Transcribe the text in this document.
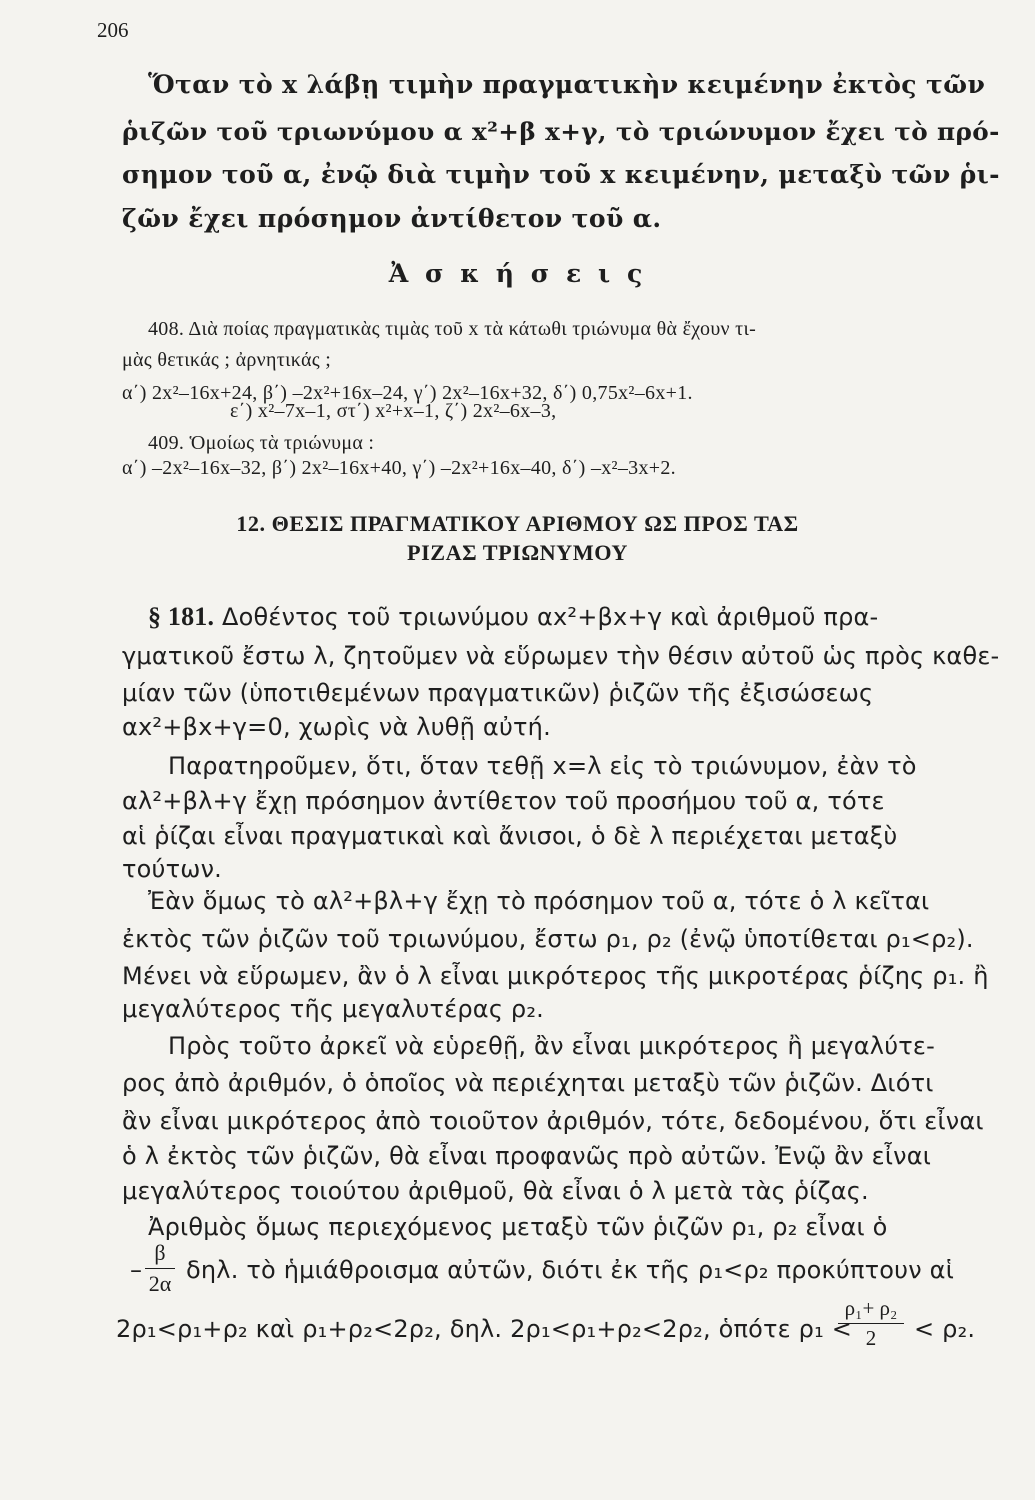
206
Ὅταν τὸ x λάβῃ τιμὴν πραγματικὴν κειμένην ἐκτὸς τῶν
ῥιζῶν τοῦ τριωνύμου α x²+β x+γ, τὸ τριώνυμον ἔχει τὸ πρό-
σημον τοῦ α, ἐνῷ διὰ τιμὴν τοῦ x κειμένην, μεταξὺ τῶν ῥι-
ζῶν ἔχει πρόσημον ἀντίθετον τοῦ α.
Ἀ σ κ ή σ ε ι ς
408. Διὰ ποίας πραγματικὰς τιμὰς τοῦ x τὰ κάτωθι τριώνυμα θὰ ἔχουν τι-
μὰς θετικάς ; ἀρνητικάς ;
α΄) 2x²–16x+24, β΄) –2x²+16x–24, γ΄) 2x²–16x+32, δ΄) 0,75x²–6x+1.
ε΄) x²–7x–1, στ΄) x²+x–1, ζ΄) 2x²–6x–3,
409. Ὁμοίως τὰ τριώνυμα :
α΄) –2x²–16x–32, β΄) 2x²–16x+40, γ΄) –2x²+16x–40, δ΄) –x²–3x+2.
12. ΘΕΣΙΣ ΠΡΑΓΜΑΤΙΚΟΥ ΑΡΙΘΜΟΥ ΩΣ ΠΡΟΣ ΤΑΣ
ΡΙΖΑΣ ΤΡΙΩΝΥΜΟΥ
§ 181. Δοθέντος τοῦ τριωνύμου αx²+βx+γ καὶ ἀριθμοῦ πρα-
γματικοῦ ἔστω λ, ζητοῦμεν νὰ εὕρωμεν τὴν θέσιν αὐτοῦ ὡς πρὸς καθε-
μίαν τῶν (ὑποτιθεμένων πραγματικῶν) ῥιζῶν τῆς ἐξισώσεως
αx²+βx+γ=0, χωρὶς νὰ λυθῇ αὐτή.
Παρατηροῦμεν, ὅτι, ὅταν τεθῇ x=λ εἰς τὸ τριώνυμον, ἐὰν τὸ
αλ²+βλ+γ ἔχῃ πρόσημον ἀντίθετον τοῦ προσήμου τοῦ α, τότε
αἱ ῥίζαι εἶναι πραγματικαὶ καὶ ἄνισοι, ὁ δὲ λ περιέχεται μεταξὺ
τούτων.
Ἐὰν ὅμως τὸ αλ²+βλ+γ ἔχῃ τὸ πρόσημον τοῦ α, τότε ὁ λ κεῖται
ἐκτὸς τῶν ῥιζῶν τοῦ τριωνύμου, ἔστω ρ₁, ρ₂ (ἐνῷ ὑποτίθεται ρ₁<ρ₂).
Μένει νὰ εὕρωμεν, ἂν ὁ λ εἶναι μικρότερος τῆς μικροτέρας ῥίζης ρ₁. ἢ
μεγαλύτερος τῆς μεγαλυτέρας ρ₂.
Πρὸς τοῦτο ἀρκεῖ νὰ εὑρεθῇ, ἂν εἶναι μικρότερος ἢ μεγαλύτε-
ρος ἀπὸ ἀριθμόν, ὁ ὁποῖος νὰ περιέχηται μεταξὺ τῶν ῥιζῶν. Διότι
ἂν εἶναι μικρότερος ἀπὸ τοιοῦτον ἀριθμόν, τότε, δεδομένου, ὅτι εἶναι
ὁ λ ἐκτὸς τῶν ῥιζῶν, θὰ εἶναι προφανῶς πρὸ αὐτῶν. Ἐνῷ ἂν εἶναι
μεγαλύτερος τοιούτου ἀριθμοῦ, θὰ εἶναι ὁ λ μετὰ τὰς ῥίζας.
Ἀριθμὸς ὅμως περιεχόμενος μεταξὺ τῶν ῥιζῶν ρ₁, ρ₂ εἶναι ὁ
–
β
2α δηλ. τὸ ἡμιάθροισμα αὐτῶν, διότι ἐκ τῆς ρ₁<ρ₂ προκύπτουν αἱ
2ρ₁<ρ₁+ρ₂ καὶ ρ₁+ρ₂<2ρ₂, δηλ. 2ρ₁<ρ₁+ρ₂<2ρ₂, ὁπότε ρ₁ <
ρ₁+ ρ₂
2	< ρ₂.
